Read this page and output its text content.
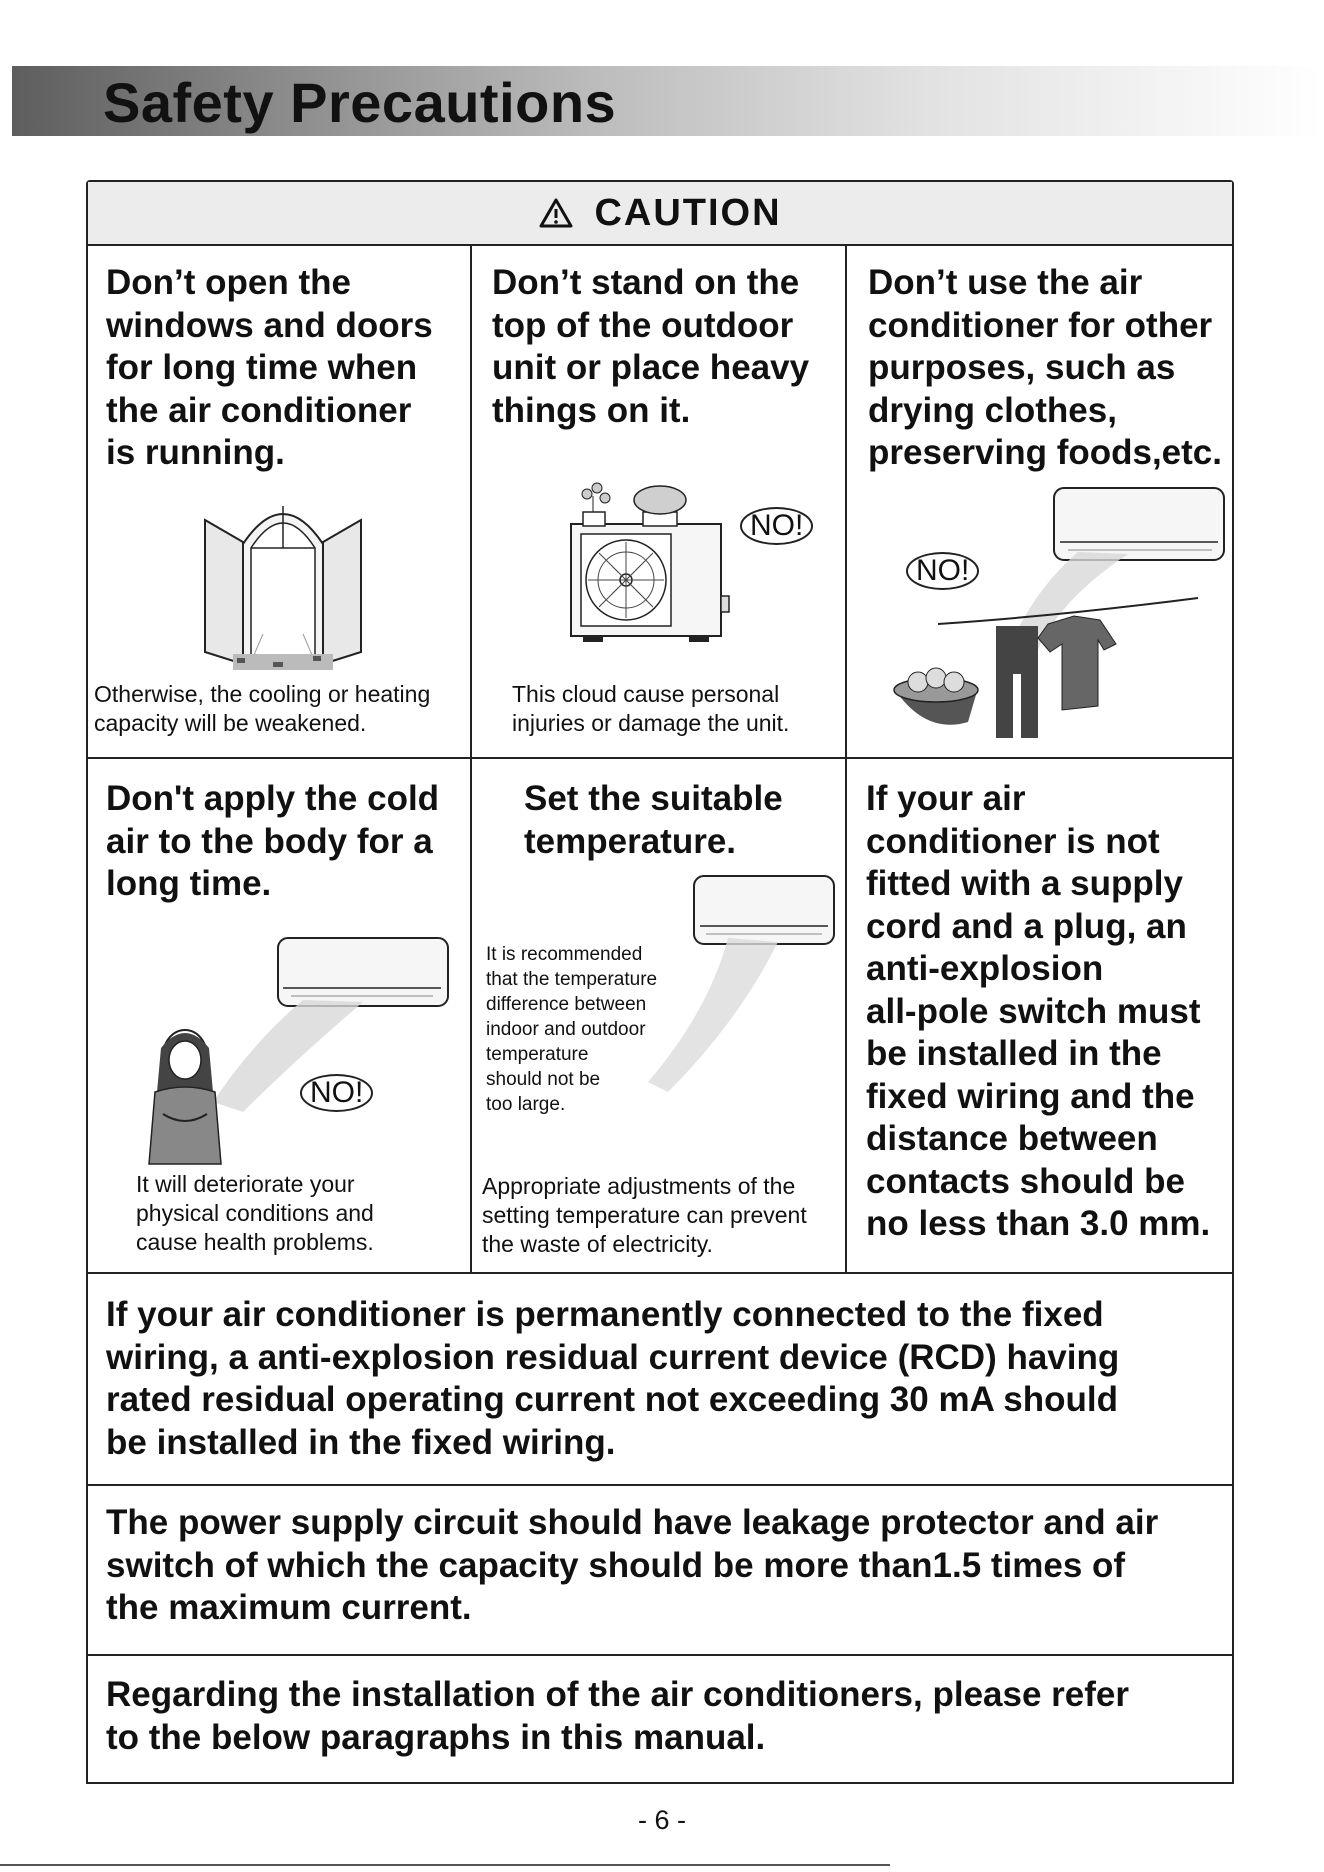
Safety Precautions
CAUTION
Don’t open the
windows and doors
for long time when
the air conditioner
is running.
Otherwise, the cooling or heating
capacity will be weakened.
Don’t stand on the
top of the outdoor
unit or place heavy
things on it.
NO!
This cloud cause personal
injuries or damage the unit.
Don’t use the air
conditioner for other
purposes, such as
drying clothes,
preserving foods,etc.
NO!
Don't apply the cold
air to the body for a
long time.
NO!
It will deteriorate your
physical conditions and
cause health problems.
Set the suitable
temperature.
It is recommended
that the temperature
difference between
indoor and outdoor
temperature
should not be
too large.
Appropriate adjustments of the
setting temperature can prevent
the waste of electricity.
If your air
conditioner is not
fitted with a supply
cord and a plug, an
anti-explosion
all-pole switch must
be installed in the
fixed wiring and the
distance between
contacts should be
no less than 3.0 mm.
If your air conditioner is permanently connected to the fixed
wiring, a anti-explosion residual current device (RCD) having
rated residual operating current not exceeding 30 mA should
be installed in the fixed wiring.
The power supply circuit should have leakage protector and air
switch of which the capacity should be more than1.5 times of
the maximum current.
Regarding the installation of the air conditioners, please refer
to the below paragraphs in this manual.
- 6 -
